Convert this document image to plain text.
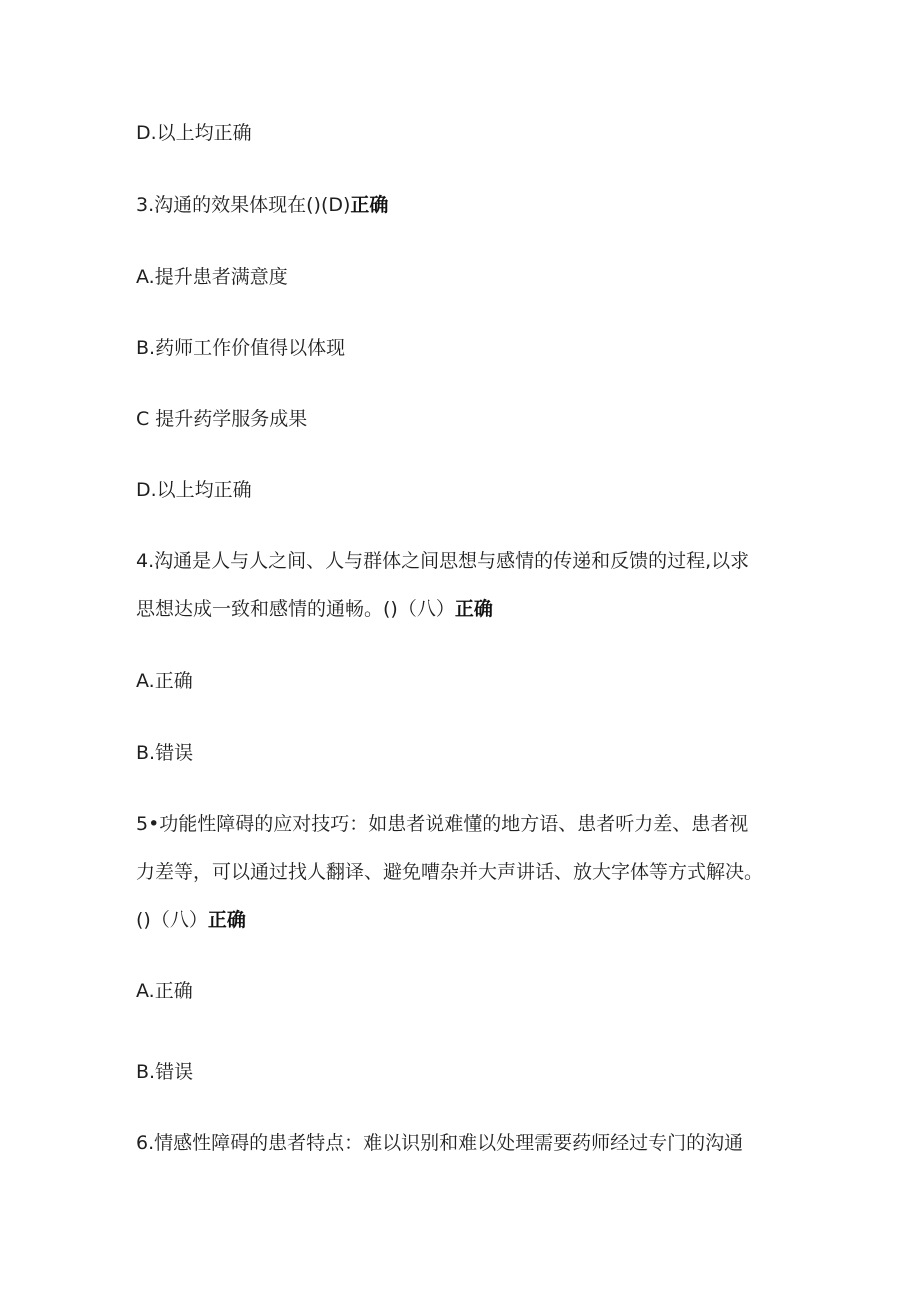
D.以上均正确
3.沟通的效果体现在()(D)正确
A.提升患者满意度
B.药师工作价值得以体现
C 提升药学服务成果
D.以上均正确
4.沟通是人与人之间、人与群体之间思想与感情的传递和反馈的过程,以求
思想达成一致和感情的通畅。()（八）正确
A.正确
B.错误
5•功能性障碍的应对技巧：如患者说难懂的地方语、患者听力差、患者视
力差等，可以通过找人翻译、避免嘈杂并大声讲话、放大字体等方式解决。
()（八）正确
A.正确
B.错误
6.情感性障碍的患者特点：难以识别和难以处理需要药师经过专门的沟通
